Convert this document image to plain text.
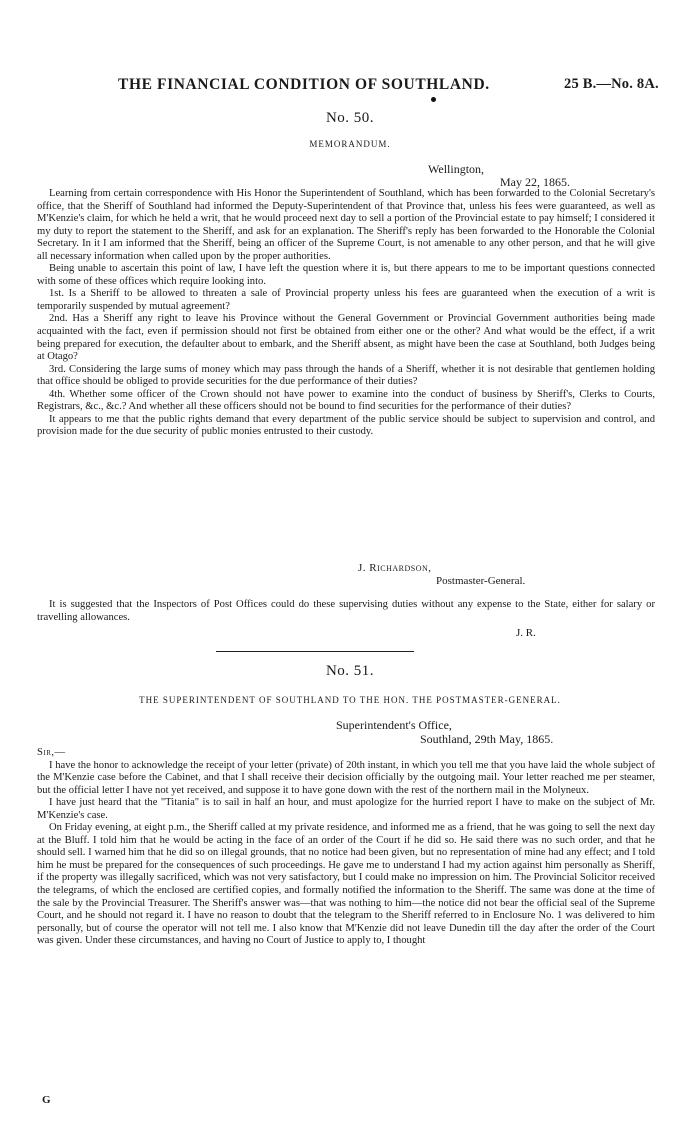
THE FINANCIAL CONDITION OF SOUTHLAND.	25 B.—No. 8A.
No. 50.
MEMORANDUM.
Wellington,
May 22, 1865.

Learning from certain correspondence with His Honor the Superintendent of Southland, which has been forwarded to the Colonial Secretary's office, that the Sheriff of Southland had informed the Deputy-Superintendent of that Province that, unless his fees were guaranteed, as well as M'Kenzie's claim, for which he held a writ, that he would proceed next day to sell a portion of the Provincial estate to pay himself; I considered it my duty to report the statement to the Sheriff, and ask for an explanation. The Sheriff's reply has been forwarded to the Honorable the Colonial Secretary. In it I am informed that the Sheriff, being an officer of the Supreme Court, is not amenable to any other person, and that he will give all necessary information when called upon by the proper authorities.

Being unable to ascertain this point of law, I have left the question where it is, but there appears to me to be important questions connected with some of these offices which require looking into.

1st. Is a Sheriff to be allowed to threaten a sale of Provincial property unless his fees are guaranteed when the execution of a writ is temporarily suspended by mutual agreement?

2nd. Has a Sheriff any right to leave his Province without the General Government or Provincial Government authorities being made acquainted with the fact, even if permission should not first be obtained from either one or the other? And what would be the effect, if a writ being prepared for execution, the defaulter about to embark, and the Sheriff absent, as might have been the case at Southland, both Judges being at Otago?

3rd. Considering the large sums of money which may pass through the hands of a Sheriff, whether it is not desirable that gentlemen holding that office should be obliged to provide securities for the due performance of their duties?

4th. Whether some officer of the Crown should not have power to examine into the conduct of business by Sheriff's, Clerks to Courts, Registrars, &c., &c.? And whether all these officers should not be bound to find securities for the performance of their duties?

It appears to me that the public rights demand that every department of the public service should be subject to supervision and control, and provision made for the due security of public monies entrusted to their custody.

J. Richardson,
Postmaster-General.

It is suggested that the Inspectors of Post Offices could do these supervising duties without any expense to the State, either for salary or travelling allowances.

J. R.
No. 51.
THE SUPERINTENDENT OF SOUTHLAND TO THE HON. THE POSTMASTER-GENERAL.
Superintendent's Office,
Southland, 29th May, 1865.

Sir,—

I have the honor to acknowledge the receipt of your letter (private) of 20th instant, in which you tell me that you have laid the whole subject of the M'Kenzie case before the Cabinet, and that I shall receive their decision officially by the outgoing mail. Your letter reached me per steamer, but the official letter I have not yet received, and suppose it to have gone down with the rest of the northern mail in the Molyneux.

I have just heard that the "Titania" is to sail in half an hour, and must apologize for the hurried report I have to make on the subject of Mr. M'Kenzie's case.

On Friday evening, at eight p.m., the Sheriff called at my private residence, and informed me as a friend, that he was going to sell the next day at the Bluff. I told him that he would be acting in the face of an order of the Court if he did so. He said there was no such order, and that he should sell. I warned him that he did so on illegal grounds, that no notice had been given, but no representation of mine had any effect; and I told him he must be prepared for the consequences of such proceedings. He gave me to understand I had my action against him personally as Sheriff, if the property was illegally sacrificed, which was not very satisfactory, but I could make no impression on him. The Provincial Solicitor received the telegrams, of which the enclosed are certified copies, and formally notified the information to the Sheriff. The same was done at the time of the sale by the Provincial Treasurer. The Sheriff's answer was—that was nothing to him—the notice did not bear the official seal of the Supreme Court, and he should not regard it. I have no reason to doubt that the telegram to the Sheriff referred to in Enclosure No. 1 was delivered to him personally, but of course the operator will not tell me. I also know that M'Kenzie did not leave Dunedin till the day after the order of the Court was given. Under these circumstances, and having no Court of Justice to apply to, I thought

G
